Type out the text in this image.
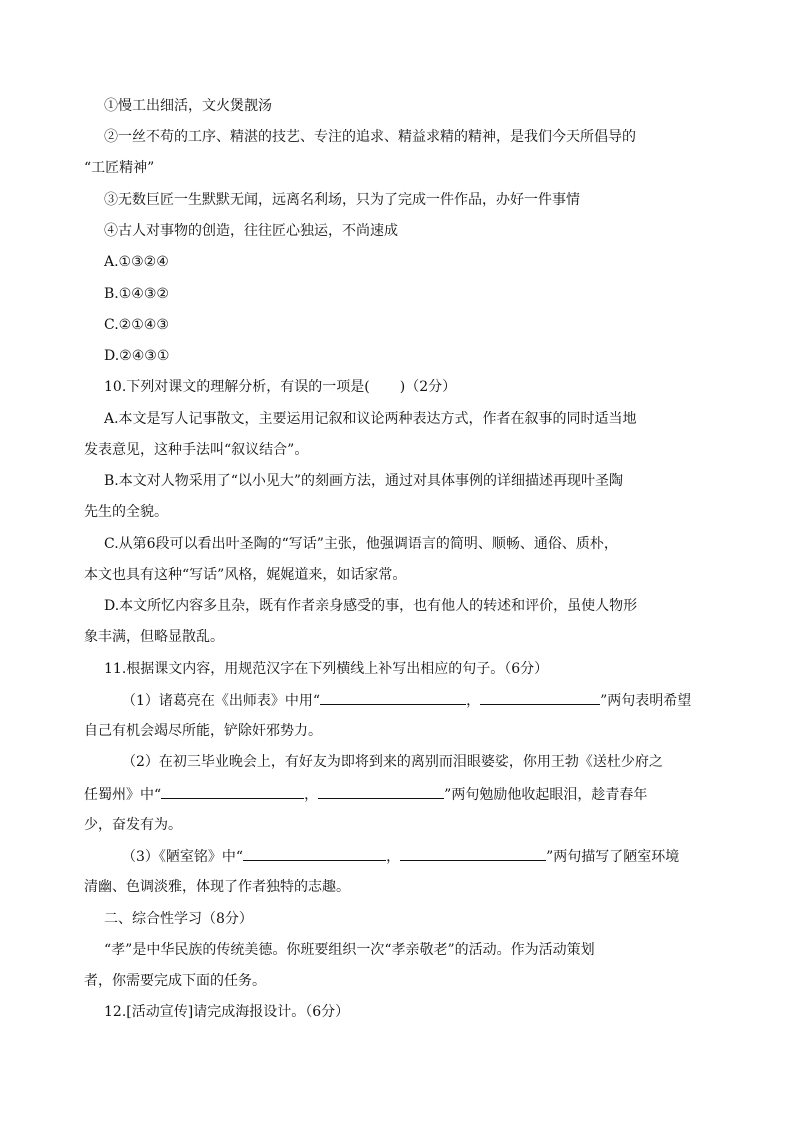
①慢工出细活，文火煲靓汤
②一丝不苟的工序、精湛的技艺、专注的追求、精益求精的精神，是我们今天所倡导的
“工匠精神”
③无数巨匠一生默默无闻，远离名利场，只为了完成一件作品，办好一件事情
④古人对事物的创造，往往匠心独运，不尚速成
A.①③②④
B.①④③②
C.②①④③
D.②④③①
10.下列对课文的理解分析，有误的一项是( )（2分）
A.本文是写人记事散文，主要运用记叙和议论两种表达方式，作者在叙事的同时适当地
发表意见，这种手法叫“叙议结合”。
B.本文对人物采用了“以小见大”的刻画方法，通过对具体事例的详细描述再现叶圣陶
先生的全貌。
C.从第6段可以看出叶圣陶的“写话”主张，他强调语言的简明、顺畅、通俗、质朴，
本文也具有这种“写话”风格，娓娓道来，如话家常。
D.本文所忆内容多且杂，既有作者亲身感受的事，也有他人的转述和评价，虽使人物形
象丰满，但略显散乱。
11.根据课文内容，用规范汉字在下列横线上补写出相应的句子。（6分）
（1）诸葛亮在《出师表》中用“	，	”两句表明希望
自己有机会竭尽所能，铲除奸邪势力。
（2）在初三毕业晚会上，有好友为即将到来的离别而泪眼婆娑，你用王勃《送杜少府之
任蜀州》中“	，	”两句勉励他收起眼泪，趁青春年
少，奋发有为。
（3）《陋室铭》中“	，	”两句描写了陋室环境
清幽、色调淡雅，体现了作者独特的志趣。
二、综合性学习（8分）
“孝”是中华民族的传统美德。你班要组织一次“孝亲敬老”的活动。作为活动策划
者，你需要完成下面的任务。
12.[活动宣传]请完成海报设计。（6分）
